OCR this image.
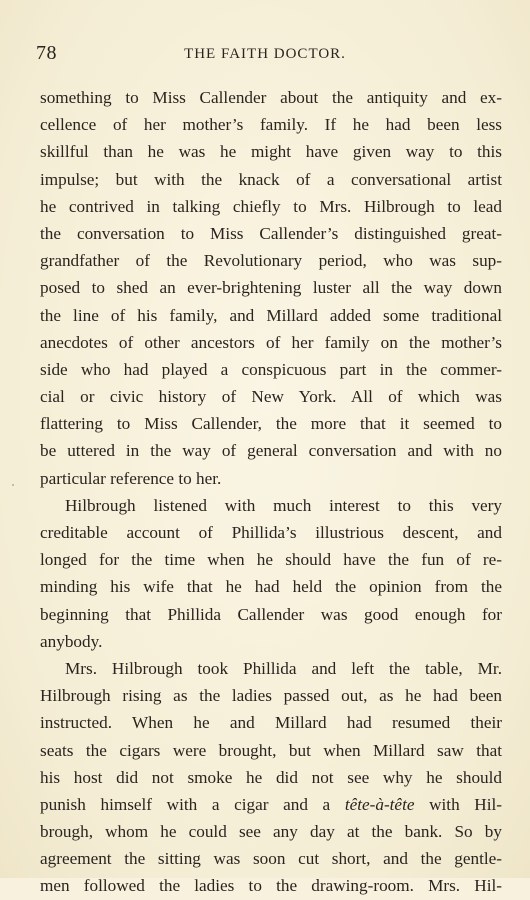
78	THE FAITH DOCTOR.
something to Miss Callender about the antiquity and ex-
cellence of her mother’s family. If he had been less
skillful than he was he might have given way to this
impulse; but with the knack of a conversational artist
he contrived in talking chiefly to Mrs. Hilbrough to lead
the conversation to Miss Callender’s distinguished great-
grandfather of the Revolutionary period, who was sup-
posed to shed an ever-brightening luster all the way down
the line of his family, and Millard added some traditional
anecdotes of other ancestors of her family on the mother’s
side who had played a conspicuous part in the commer-
cial or civic history of New York. All of which was
flattering to Miss Callender, the more that it seemed to
be uttered in the way of general conversation and with no
particular reference to her.
Hilbrough listened with much interest to this very
creditable account of Phillida’s illustrious descent, and
longed for the time when he should have the fun of re-
minding his wife that he had held the opinion from the
beginning that Phillida Callender was good enough for
anybody.
Mrs. Hilbrough took Phillida and left the table, Mr.
Hilbrough rising as the ladies passed out, as he had been
instructed. When he and Millard had resumed their
seats the cigars were brought, but when Millard saw that
his host did not smoke he did not see why he should
punish himself with a cigar and a tête-à-tête with Hil-
brough, whom he could see any day at the bank. So by
agreement the sitting was soon cut short, and the gentle-
men followed the ladies to the drawing-room. Mrs. Hil-
